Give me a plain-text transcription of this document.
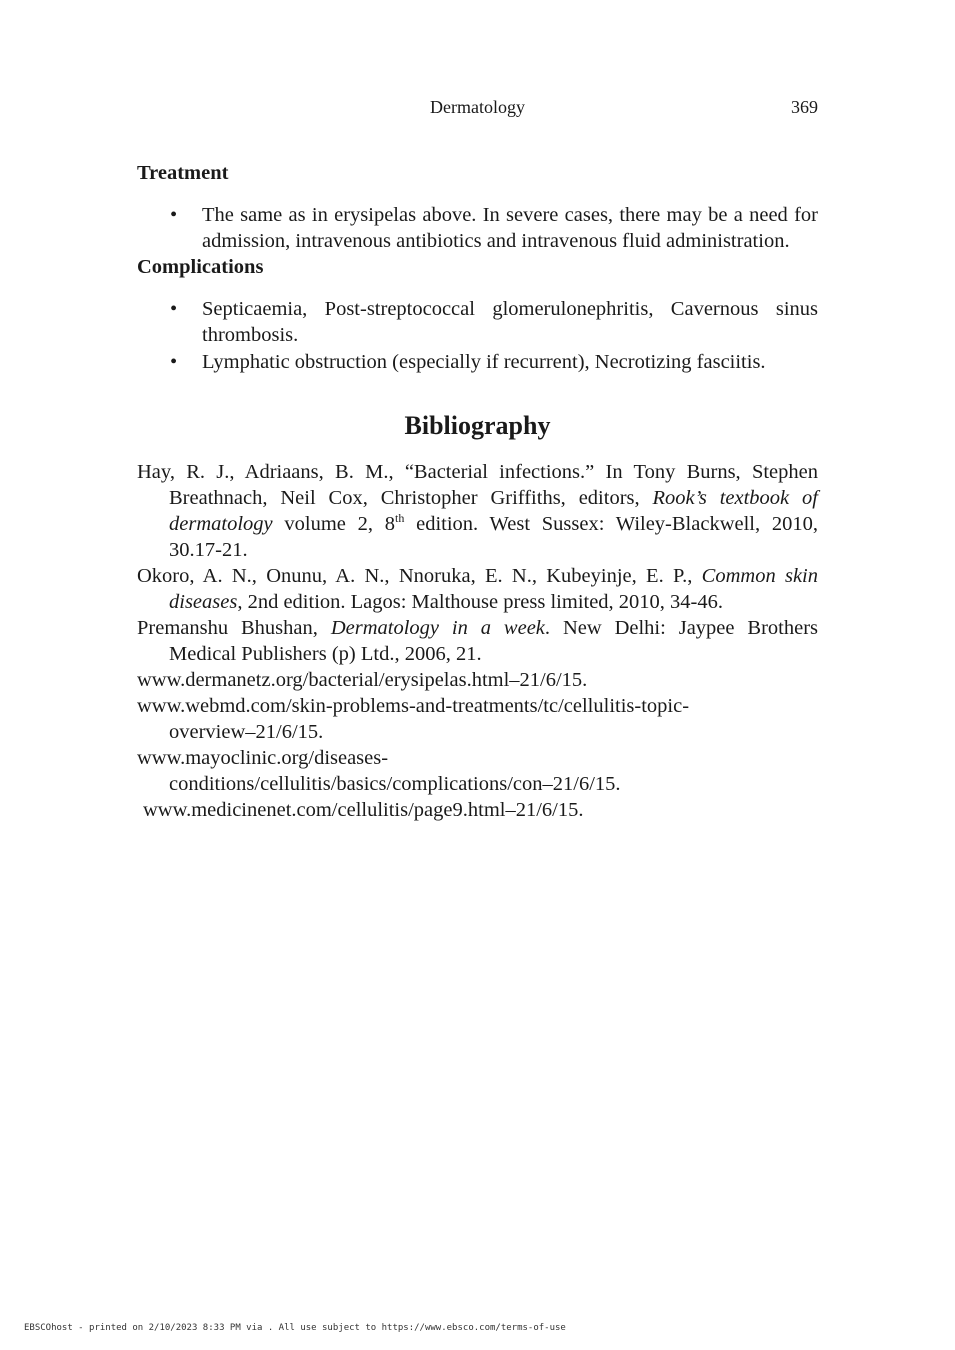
Dermatology	369
Treatment
• The same as in erysipelas above. In severe cases, there may be a need for admission, intravenous antibiotics and intravenous fluid administration.
Complications
• Septicaemia, Post-streptococcal glomerulonephritis, Cavernous sinus thrombosis.
• Lymphatic obstruction (especially if recurrent), Necrotizing fasciitis.
Bibliography

Hay, R. J., Adriaans, B. M., “Bacterial infections.” In Tony Burns, Stephen Breathnach, Neil Cox, Christopher Griffiths, editors, Rook’s textbook of dermatology volume 2, 8th edition. West Sussex: Wiley-Blackwell, 2010, 30.17-21.

Okoro, A. N., Onunu, A. N., Nnoruka, E. N., Kubeyinje, E. P., Common skin diseases, 2nd edition. Lagos: Malthouse press limited, 2010, 34-46.

Premanshu Bhushan, Dermatology in a week. New Delhi: Jaypee Brothers Medical Publishers (p) Ltd., 2006, 21.

www.dermanetz.org/bacterial/erysipelas.html–21/6/15.

www.webmd.com/skin-problems-and-treatments/tc/cellulitis-topic-
overview–21/6/15.

www.mayoclinic.org/diseases-
conditions/cellulitis/basics/complications/con–21/6/15.

www.medicinenet.com/cellulitis/page9.html–21/6/15.

EBSCOhost - printed on 2/10/2023 8:33 PM via . All use subject to https://www.ebsco.com/terms-of-use
